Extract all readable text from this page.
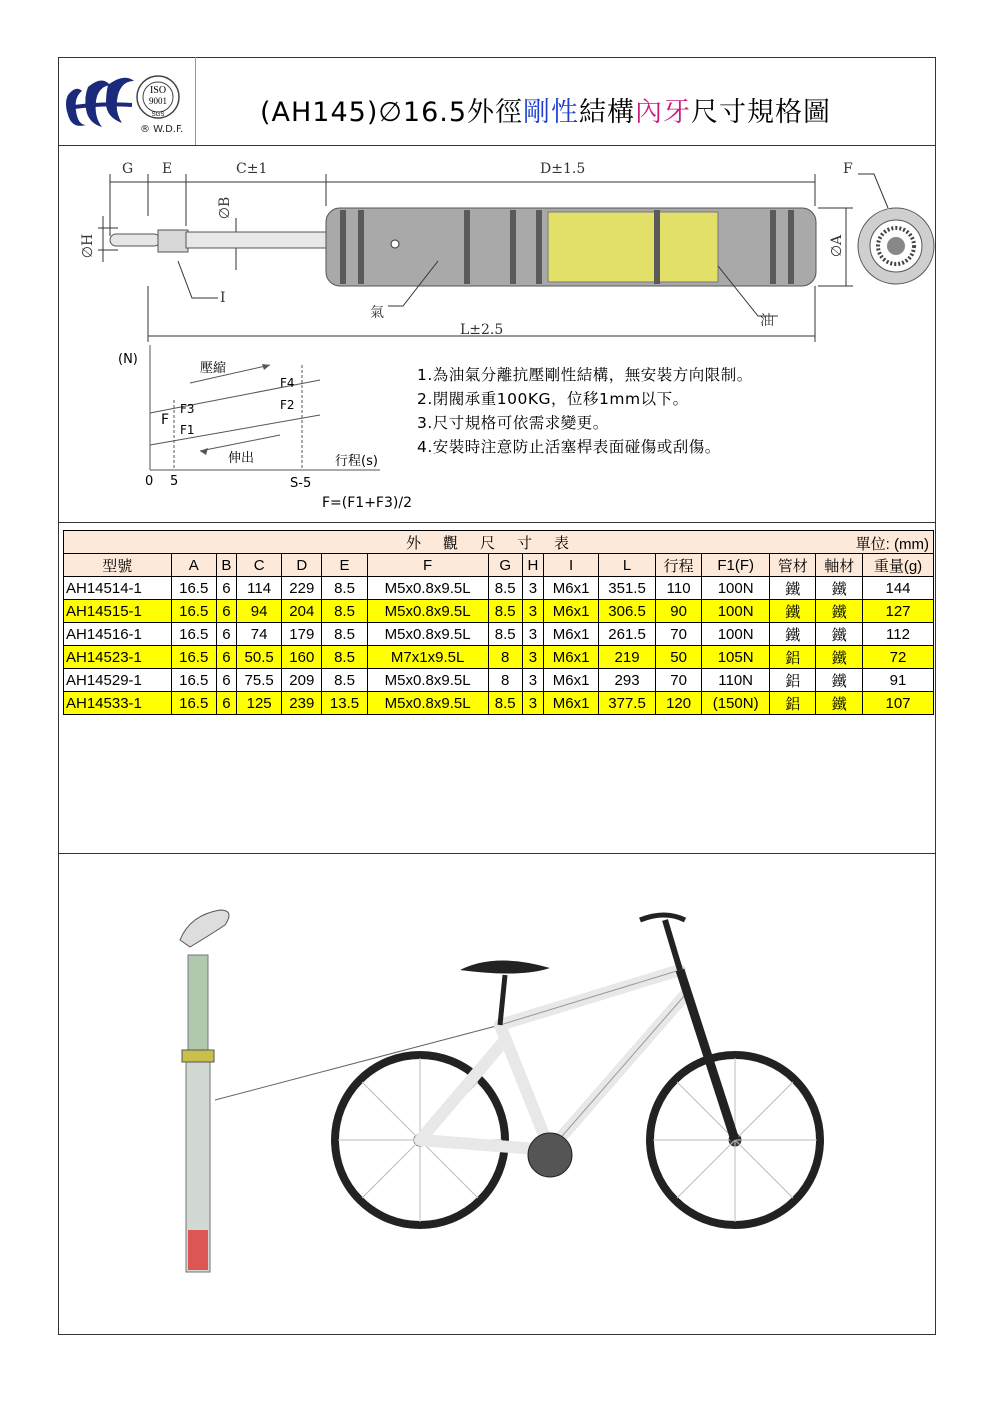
ISO
9001
SGS
® W.D.F.
(AH145)∅16.5外徑剛性結構內牙尺寸規格圖
G E	C±1	D±1.5	F
∅B
∅H	∅A
I
氣	油
L±2.5
(N)
壓縮
F4
F2
F3
F1
F
伸出	行程(s)
0 5	S-5
F=(F1+F3)/2
1.為油氣分離抗壓剛性結構，無安裝方向限制。
2.閉閥承重100KG，位移1mm以下。
3.尺寸規格可依需求變更。
4.安裝時注意防止活塞桿表面碰傷或刮傷。
外觀尺寸表 單位: (mm)															

型號	A	B	C	D	E	F	G	H	I	L	行程	F1(F)	管材	軸材	重量(g)
AH14514-1	16.5	6	114	229	8.5	M5x0.8x9.5L	8.5	3	M6x1	351.5	110	100N	鐵	鐵	144
AH14515-1	16.5	6	94	204	8.5	M5x0.8x9.5L	8.5	3	M6x1	306.5	90	100N	鐵	鐵	127
AH14516-1	16.5	6	74	179	8.5	M5x0.8x9.5L	8.5	3	M6x1	261.5	70	100N	鐵	鐵	112
AH14523-1	16.5	6	50.5	160	8.5	M7x1x9.5L	8	3	M6x1	219	50	105N	鋁	鐵	72
AH14529-1	16.5	6	75.5	209	8.5	M5x0.8x9.5L	8	3	M6x1	293	70	110N	鋁	鐵	91
AH14533-1	16.5	6	125	239	13.5	M5x0.8x9.5L	8.5	3	M6x1	377.5	120	(150N)	鋁	鐵	107
